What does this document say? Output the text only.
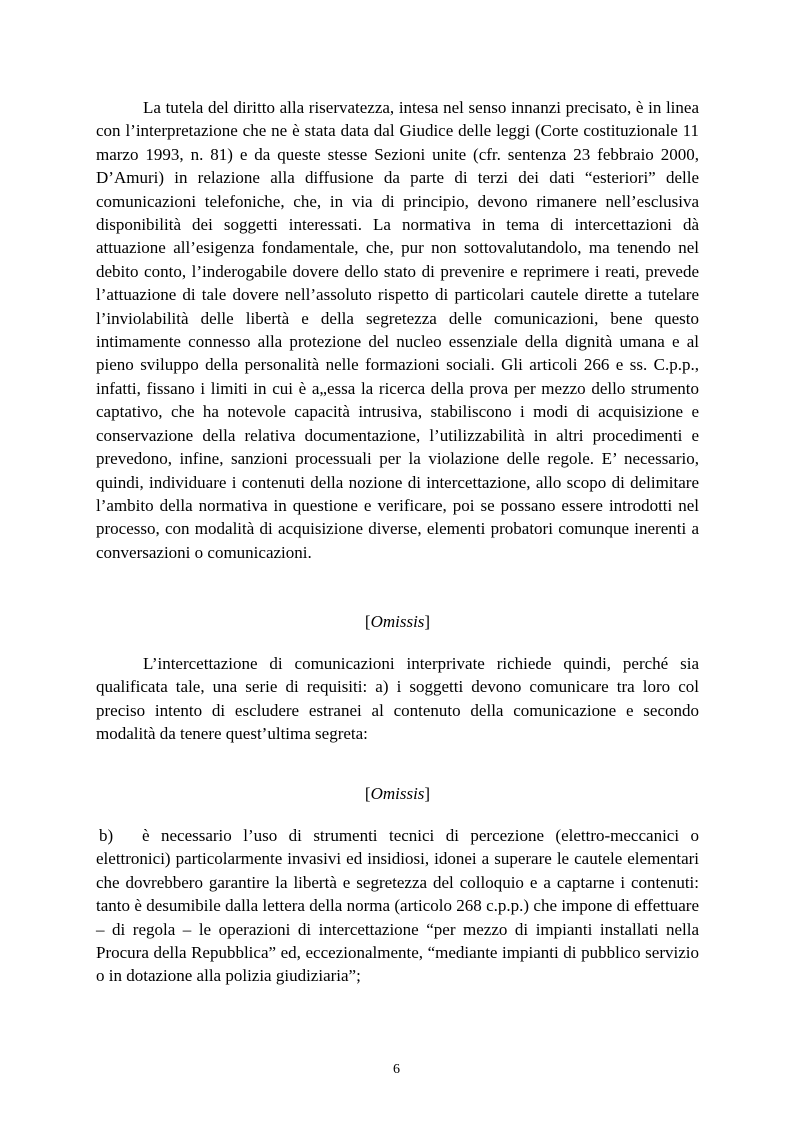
La tutela del diritto alla riservatezza, intesa nel senso innanzi precisato, è in linea con l’interpretazione che ne è stata data dal Giudice delle leggi (Corte costituzionale 11 marzo 1993, n. 81) e da queste stesse Sezioni unite (cfr. sentenza 23 febbraio 2000, D’Amuri) in relazione alla diffusione da parte di terzi dei dati “esteriori” delle comunicazioni telefoniche, che, in via di principio, devono rimanere nell’esclusiva disponibilità dei soggetti interessati. La normativa in tema di intercettazioni dà attuazione all’esigenza fondamentale, che, pur non sottovalutandolo, ma tenendo nel debito conto, l’inderogabile dovere dello stato di prevenire e reprimere i reati, prevede l’attuazione di tale dovere nell’assoluto rispetto di particolari cautele dirette a tutelare l’inviolabilità delle libertà e della segretezza delle comunicazioni, bene questo intimamente connesso alla protezione del nucleo essenziale della dignità umana e al pieno sviluppo della personalità nelle formazioni sociali. Gli articoli 266 e ss. C.p.p., infatti, fissano i limiti in cui è a„essa la ricerca della prova per mezzo dello strumento captativo, che ha notevole capacità intrusiva, stabiliscono i modi di acquisizione e conservazione della relativa documentazione, l’utilizzabilità in altri procedimenti e prevedono, infine, sanzioni processuali per la violazione delle regole. E’ necessario, quindi, individuare i contenuti della nozione di intercettazione, allo scopo di delimitare l’ambito della normativa in questione e verificare, poi se possano essere introdotti nel processo, con modalità di acquisizione diverse, elementi probatori comunque inerenti a conversazioni o comunicazioni.

[Omissis]

L’intercettazione di comunicazioni interprivate richiede quindi, perché sia qualificata tale, una serie di requisiti: a) i soggetti devono comunicare tra loro col preciso intento di escludere estranei al contenuto della comunicazione e secondo modalità da tenere quest’ultima segreta:

[Omissis]

b) è necessario l’uso di strumenti tecnici di percezione (elettro-meccanici o elettronici) particolarmente invasivi ed insidiosi, idonei a superare le cautele elementari che dovrebbero garantire la libertà e segretezza del colloquio e a captarne i contenuti: tanto è desumibile dalla lettera della norma (articolo 268 c.p.p.) che impone di effettuare – di regola – le operazioni di intercettazione “per mezzo di impianti installati nella Procura della Repubblica” ed, eccezionalmente, “mediante impianti di pubblico servizio o in dotazione alla polizia giudiziaria”;

6
